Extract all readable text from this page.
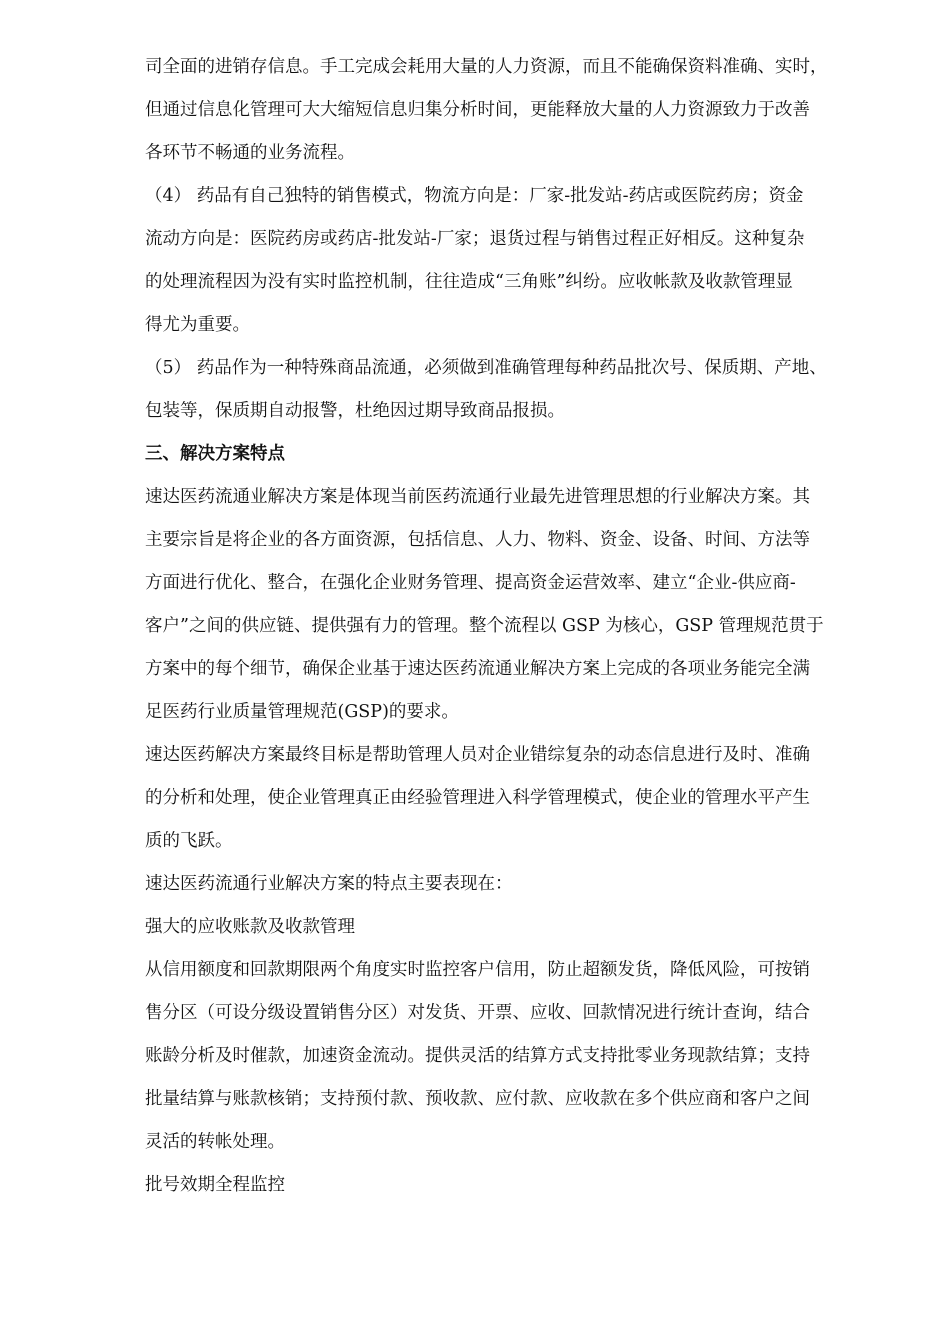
司全面的进销存信息。手工完成会耗用大量的人力资源，而且不能确保资料准确、实时，
但通过信息化管理可大大缩短信息归集分析时间，更能释放大量的人力资源致力于改善
各环节不畅通的业务流程。
（4） 药品有自己独特的销售模式，物流方向是：厂家-批发站-药店或医院药房；资金
流动方向是：医院药房或药店-批发站-厂家；退货过程与销售过程正好相反。这种复杂
的处理流程因为没有实时监控机制，往往造成“三角账”纠纷。应收帐款及收款管理显
得尤为重要。
（5） 药品作为一种特殊商品流通，必须做到准确管理每种药品批次号、保质期、产地、
包装等，保质期自动报警，杜绝因过期导致商品报损。
三、解决方案特点
速达医药流通业解决方案是体现当前医药流通行业最先进管理思想的行业解决方案。其
主要宗旨是将企业的各方面资源，包括信息、人力、物料、资金、设备、时间、方法等
方面进行优化、整合，在强化企业财务管理、提高资金运营效率、建立“企业-供应商-
客户”之间的供应链、提供强有力的管理。整个流程以 GSP 为核心，GSP 管理规范贯于
方案中的每个细节，确保企业基于速达医药流通业解决方案上完成的各项业务能完全满
足医药行业质量管理规范(GSP)的要求。
速达医药解决方案最终目标是帮助管理人员对企业错综复杂的动态信息进行及时、准确
的分析和处理，使企业管理真正由经验管理进入科学管理模式，使企业的管理水平产生
质的飞跃。
速达医药流通行业解决方案的特点主要表现在：
强大的应收账款及收款管理
从信用额度和回款期限两个角度实时监控客户信用，防止超额发货，降低风险，可按销
售分区（可设分级设置销售分区）对发货、开票、应收、回款情况进行统计查询，结合
账龄分析及时催款，加速资金流动。提供灵活的结算方式支持批零业务现款结算；支持
批量结算与账款核销；支持预付款、预收款、应付款、应收款在多个供应商和客户之间
灵活的转帐处理。
批号效期全程监控
